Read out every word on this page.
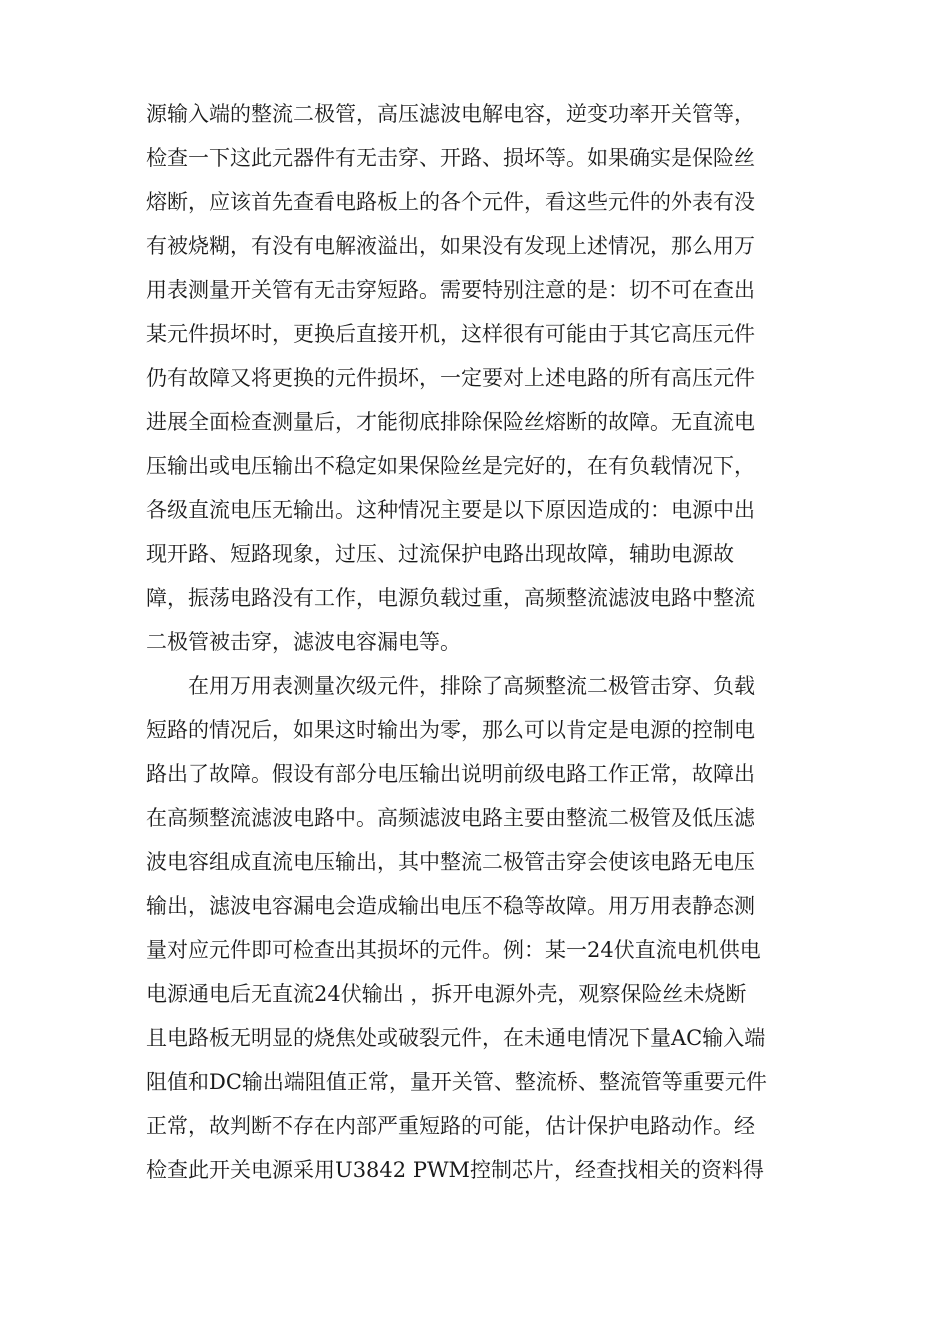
源输入端的整流二极管，高压滤波电解电容，逆变功率开关管等，
检查一下这此元器件有无击穿、开路、损坏等。如果确实是保险丝
熔断，应该首先查看电路板上的各个元件，看这些元件的外表有没
有被烧糊，有没有电解液溢出，如果没有发现上述情况，那么用万
用表测量开关管有无击穿短路。需要特别注意的是：切不可在查出
某元件损坏时，更换后直接开机，这样很有可能由于其它高压元件
仍有故障又将更换的元件损坏，一定要对上述电路的所有高压元件
进展全面检查测量后，才能彻底排除保险丝熔断的故障。无直流电
压输出或电压输出不稳定如果保险丝是完好的，在有负载情况下，
各级直流电压无输出。这种情况主要是以下原因造成的：电源中出
现开路、短路现象，过压、过流保护电路出现故障，辅助电源故
障，振荡电路没有工作，电源负载过重，高频整流滤波电路中整流
二极管被击穿，滤波电容漏电等。
在用万用表测量次级元件，排除了高频整流二极管击穿、负载
短路的情况后，如果这时输出为零，那么可以肯定是电源的控制电
路出了故障。假设有部分电压输出说明前级电路工作正常，故障出
在高频整流滤波电路中。高频滤波电路主要由整流二极管及低压滤
波电容组成直流电压输出，其中整流二极管击穿会使该电路无电压
输出，滤波电容漏电会造成输出电压不稳等故障。用万用表静态测
量对应元件即可检查出其损坏的元件。例：某一24伏直流电机供电
电源通电后无直流24伏输出 ，拆开电源外壳，观察保险丝未烧断
且电路板无明显的烧焦处或破裂元件，在未通电情况下量AC输入端
阻值和DC输出端阻值正常，量开关管、整流桥、整流管等重要元件
正常，故判断不存在内部严重短路的可能，估计保护电路动作。经
检查此开关电源采用U3842 PWM控制芯片，经查找相关的资料得
